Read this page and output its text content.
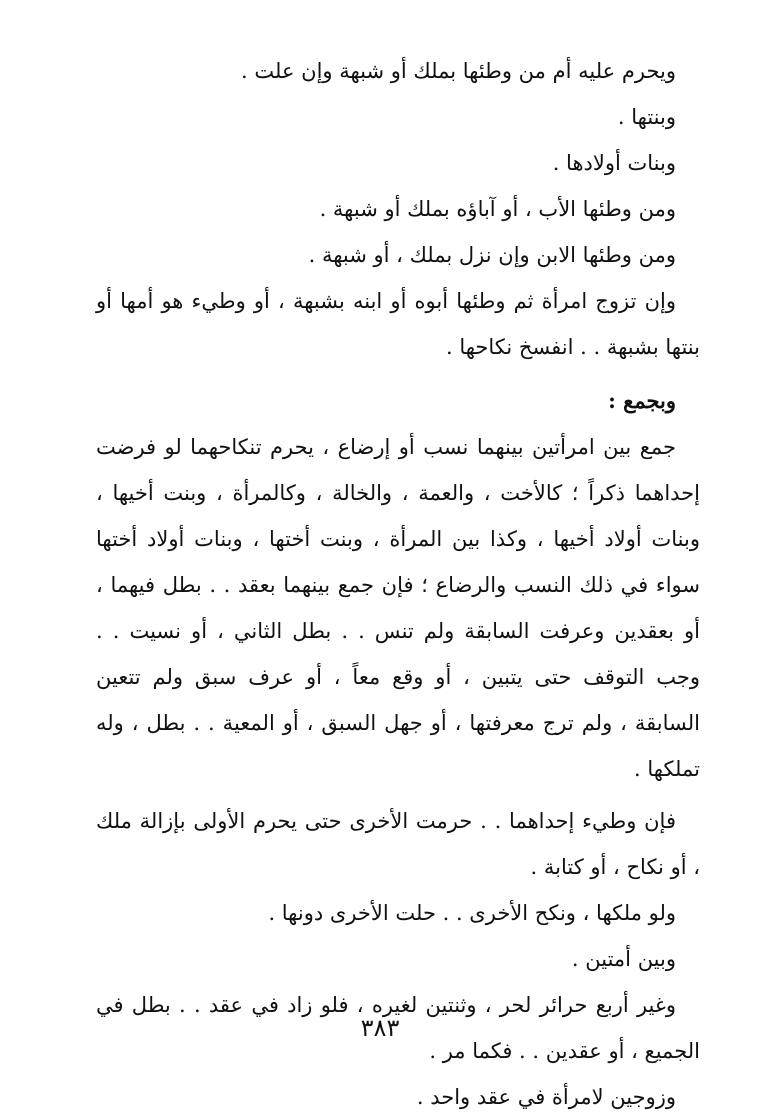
ويحرم عليه أم من وطئها بملك أو شبهة وإن علت .

وبنتها .

وبنات أولادها .

ومن وطئها الأب ، أو آباؤه بملك أو شبهة .

ومن وطئها الابن وإن نزل بملك ، أو شبهة .

وإن تزوج امرأة ثم وطئها أبوه أو ابنه بشبهة ، أو وطيء هو أمها أو بنتها بشبهة . . انفسخ نكاحها .

وبجمع :

جمع بين امرأتين بينهما نسب أو إرضاع ، يحرم تنكاحهما لو فرضت إحداهما ذكراً ؛ كالأخت ، والعمة ، والخالة ، وكالمرأة ، وبنت أخيها ، وبنات أولاد أخيها ، وكذا بين المرأة ، وبنت أختها ، وبنات أولاد أختها سواء في ذلك النسب والرضاع ؛ فإن جمع بينهما بعقد . . بطل فيهما ، أو بعقدين وعرفت السابقة ولم تنس . . بطل الثاني ، أو نسيت . . وجب التوقف حتى يتبين ، أو وقع معاً ، أو عرف سبق ولم تتعين السابقة ، ولم ترج معرفتها ، أو جهل السبق ، أو المعية . . بطل ، وله تملكها .

فإن وطيء إحداهما . . حرمت الأخرى حتى يحرم الأولى بإزالة ملك ، أو نكاح ، أو كتابة .

ولو ملكها ، ونكح الأخرى . . حلت الأخرى دونها .

وبين أمتين .

وغير أربع حرائر لحر ، وثنتين لغيره ، فلو زاد في عقد . . بطل في الجميع ، أو عقدين . . فكما مر .

وزوجين لامرأة في عقد واحد .

٣٨٣
